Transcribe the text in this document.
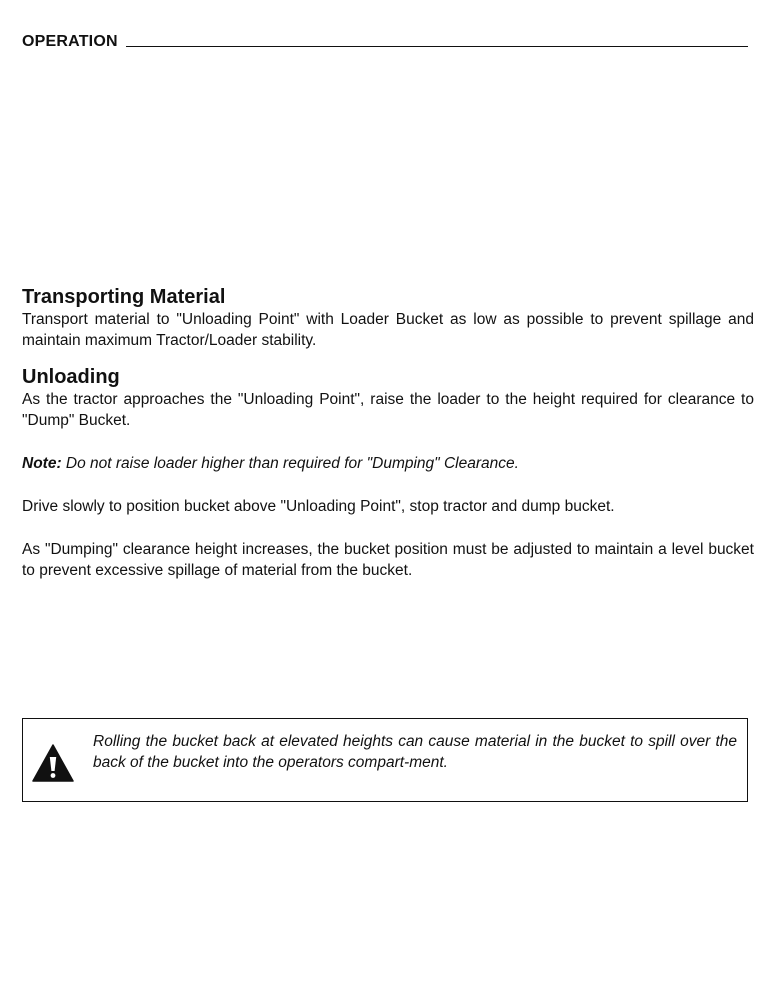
OPERATION
Transporting Material

Transport material to "Unloading Point" with Loader Bucket as low as possible to prevent spillage and maintain maximum Tractor/Loader stability.

Unloading

As the tractor approaches the "Unloading Point", raise the loader to the height required for clearance to "Dump" Bucket.

Note: Do not raise loader higher than required for "Dumping" Clearance.

Drive slowly to position bucket above "Unloading Point", stop tractor and dump bucket.

As "Dumping" clearance height increases, the bucket position must be adjusted to maintain a level bucket to prevent excessive spillage of material from the bucket.

Rolling the bucket back at elevated heights can cause material in the bucket to spill over the back of the bucket into the operators compart-ment.
